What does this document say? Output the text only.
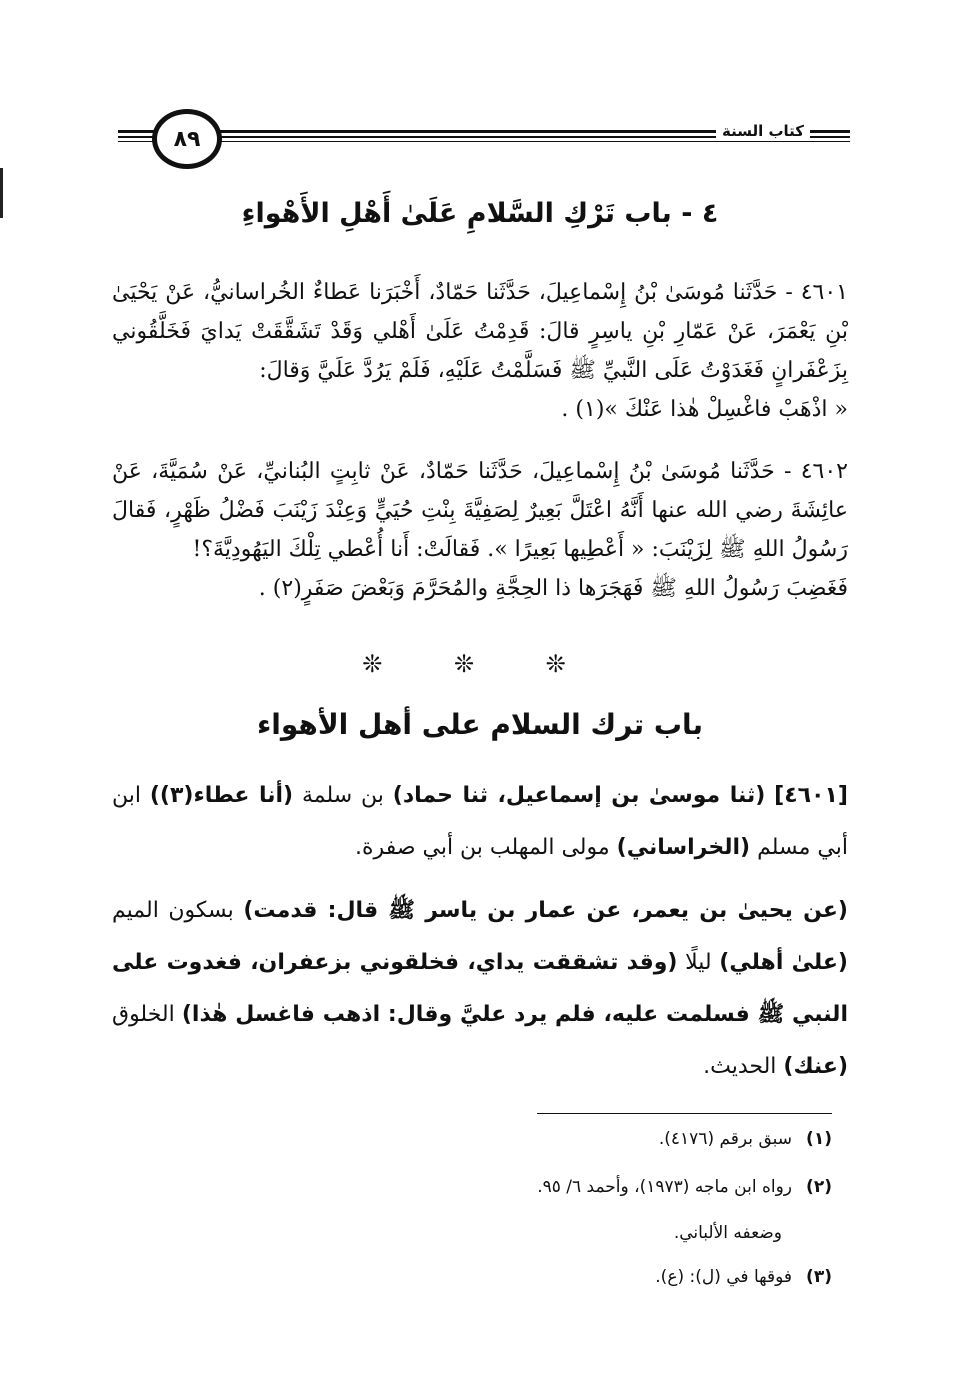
٨٩	كتاب السنة
٤ - باب تَرْكِ السَّلامِ عَلَىٰ أَهْلِ الأَهْواءِ
٤٦٠١ - حَدَّثَنا مُوسَىٰ بْنُ إِسْماعِيلَ، حَدَّثَنا حَمّادٌ، أَخْبَرَنا عَطاءٌ الخُراسانيُّ، عَنْ يَحْيَىٰ بْنِ يَعْمَرَ، عَنْ عَمّارِ بْنِ ياسِرٍ قالَ: قَدِمْتُ عَلَىٰ أَهْلي وَقَدْ تَشَقَّقَتْ يَدايَ فَخَلَّقُوني بِزَعْفَرانٍ فَغَدَوْتُ عَلَى النَّبيِّ ﷺ فَسَلَّمْتُ عَلَيْهِ، فَلَمْ يَرُدَّ عَلَيَّ وَقالَ:
« اذْهَبْ فاغْسِلْ هٰذا عَنْكَ »(١) .
٤٦٠٢ - حَدَّثَنا مُوسَىٰ بْنُ إِسْماعِيلَ، حَدَّثَنا حَمّادٌ، عَنْ ثابِتٍ البُنانيِّ، عَنْ سُمَيَّةَ، عَنْ عائِشَةَ رضي الله عنها أَنَّهُ اعْتَلَّ بَعِيرٌ لِصَفِيَّةَ بِنْتِ حُيَيٍّ وَعِنْدَ زَيْنَبَ فَضْلُ ظَهْرٍ، فَقالَ رَسُولُ اللهِ ﷺ لِزَيْنَبَ: « أَعْطِيها بَعِيرًا ». فَقالَتْ: أَنا أُعْطي تِلْكَ اليَهُودِيَّةَ؟!
فَغَضِبَ رَسُولُ اللهِ ﷺ فَهَجَرَها ذا الحِجَّةِ والمُحَرَّمَ وَبَعْضَ صَفَرٍ(٢) .
❊ ❊ ❊
باب ترك السلام على أهل الأهواء
[٤٦٠١] (ثنا موسىٰ بن إسماعيل، ثنا حماد) بن سلمة (أنا عطاء(٣)) ابن أبي مسلم (الخراساني) مولى المهلب بن أبي صفرة.
(عن يحيىٰ بن يعمر، عن عمار بن ياسر ﷺ قال: قدمت) بسكون الميم (علىٰ أهلي) ليلًا (وقد تشققت يداي، فخلقوني بزعفران، فغدوت على النبي ﷺ فسلمت عليه، فلم يرد عليَّ وقال: اذهب فاغسل هٰذا) الخلوق (عنك) الحديث.
(١)سبق برقم (٤١٧٦).
(٢)رواه ابن ماجه (١٩٧٣)، وأحمد ٦/ ٩٥.
وضعفه الألباني.
(٣)فوقها في (ل): (ع).
